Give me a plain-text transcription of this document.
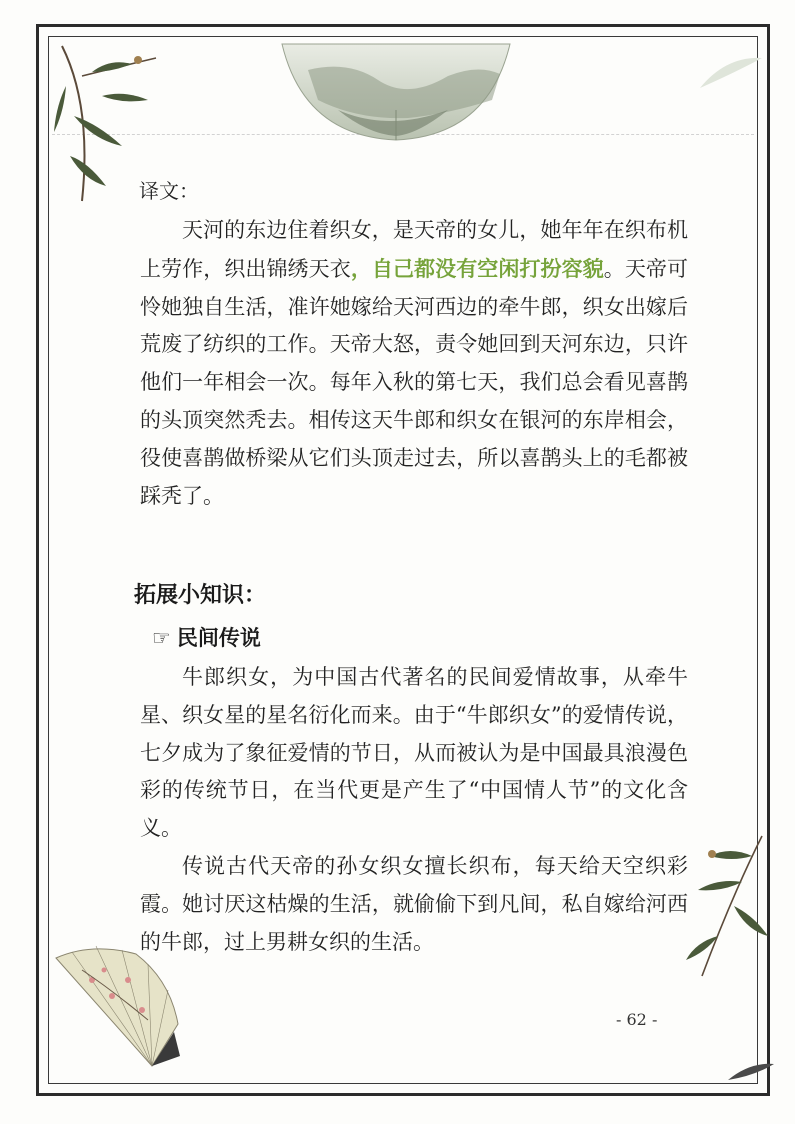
译文：

天河的东边住着织女，是天帝的女儿，她年年在织布机上劳作，织出锦绣天衣，自己都没有空闲打扮容貌。天帝可怜她独自生活，准许她嫁给天河西边的牵牛郎，织女出嫁后荒废了纺织的工作。天帝大怒，责令她回到天河东边，只许他们一年相会一次。每年入秋的第七天，我们总会看见喜鹊的头顶突然秃去。相传这天牛郎和织女在银河的东岸相会，役使喜鹊做桥梁从它们头顶走过去，所以喜鹊头上的毛都被踩秃了。

拓展小知识：
☞ 民间传说

牛郎织女，为中国古代著名的民间爱情故事，从牵牛星、织女星的星名衍化而来。由于“牛郎织女”的爱情传说，七夕成为了象征爱情的节日，从而被认为是中国最具浪漫色彩的传统节日，在当代更是产生了“中国情人节”的文化含义。

传说古代天帝的孙女织女擅长织布，每天给天空织彩霞。她讨厌这枯燥的生活，就偷偷下到凡间，私自嫁给河西的牛郎，过上男耕女织的生活。

- 62 -
